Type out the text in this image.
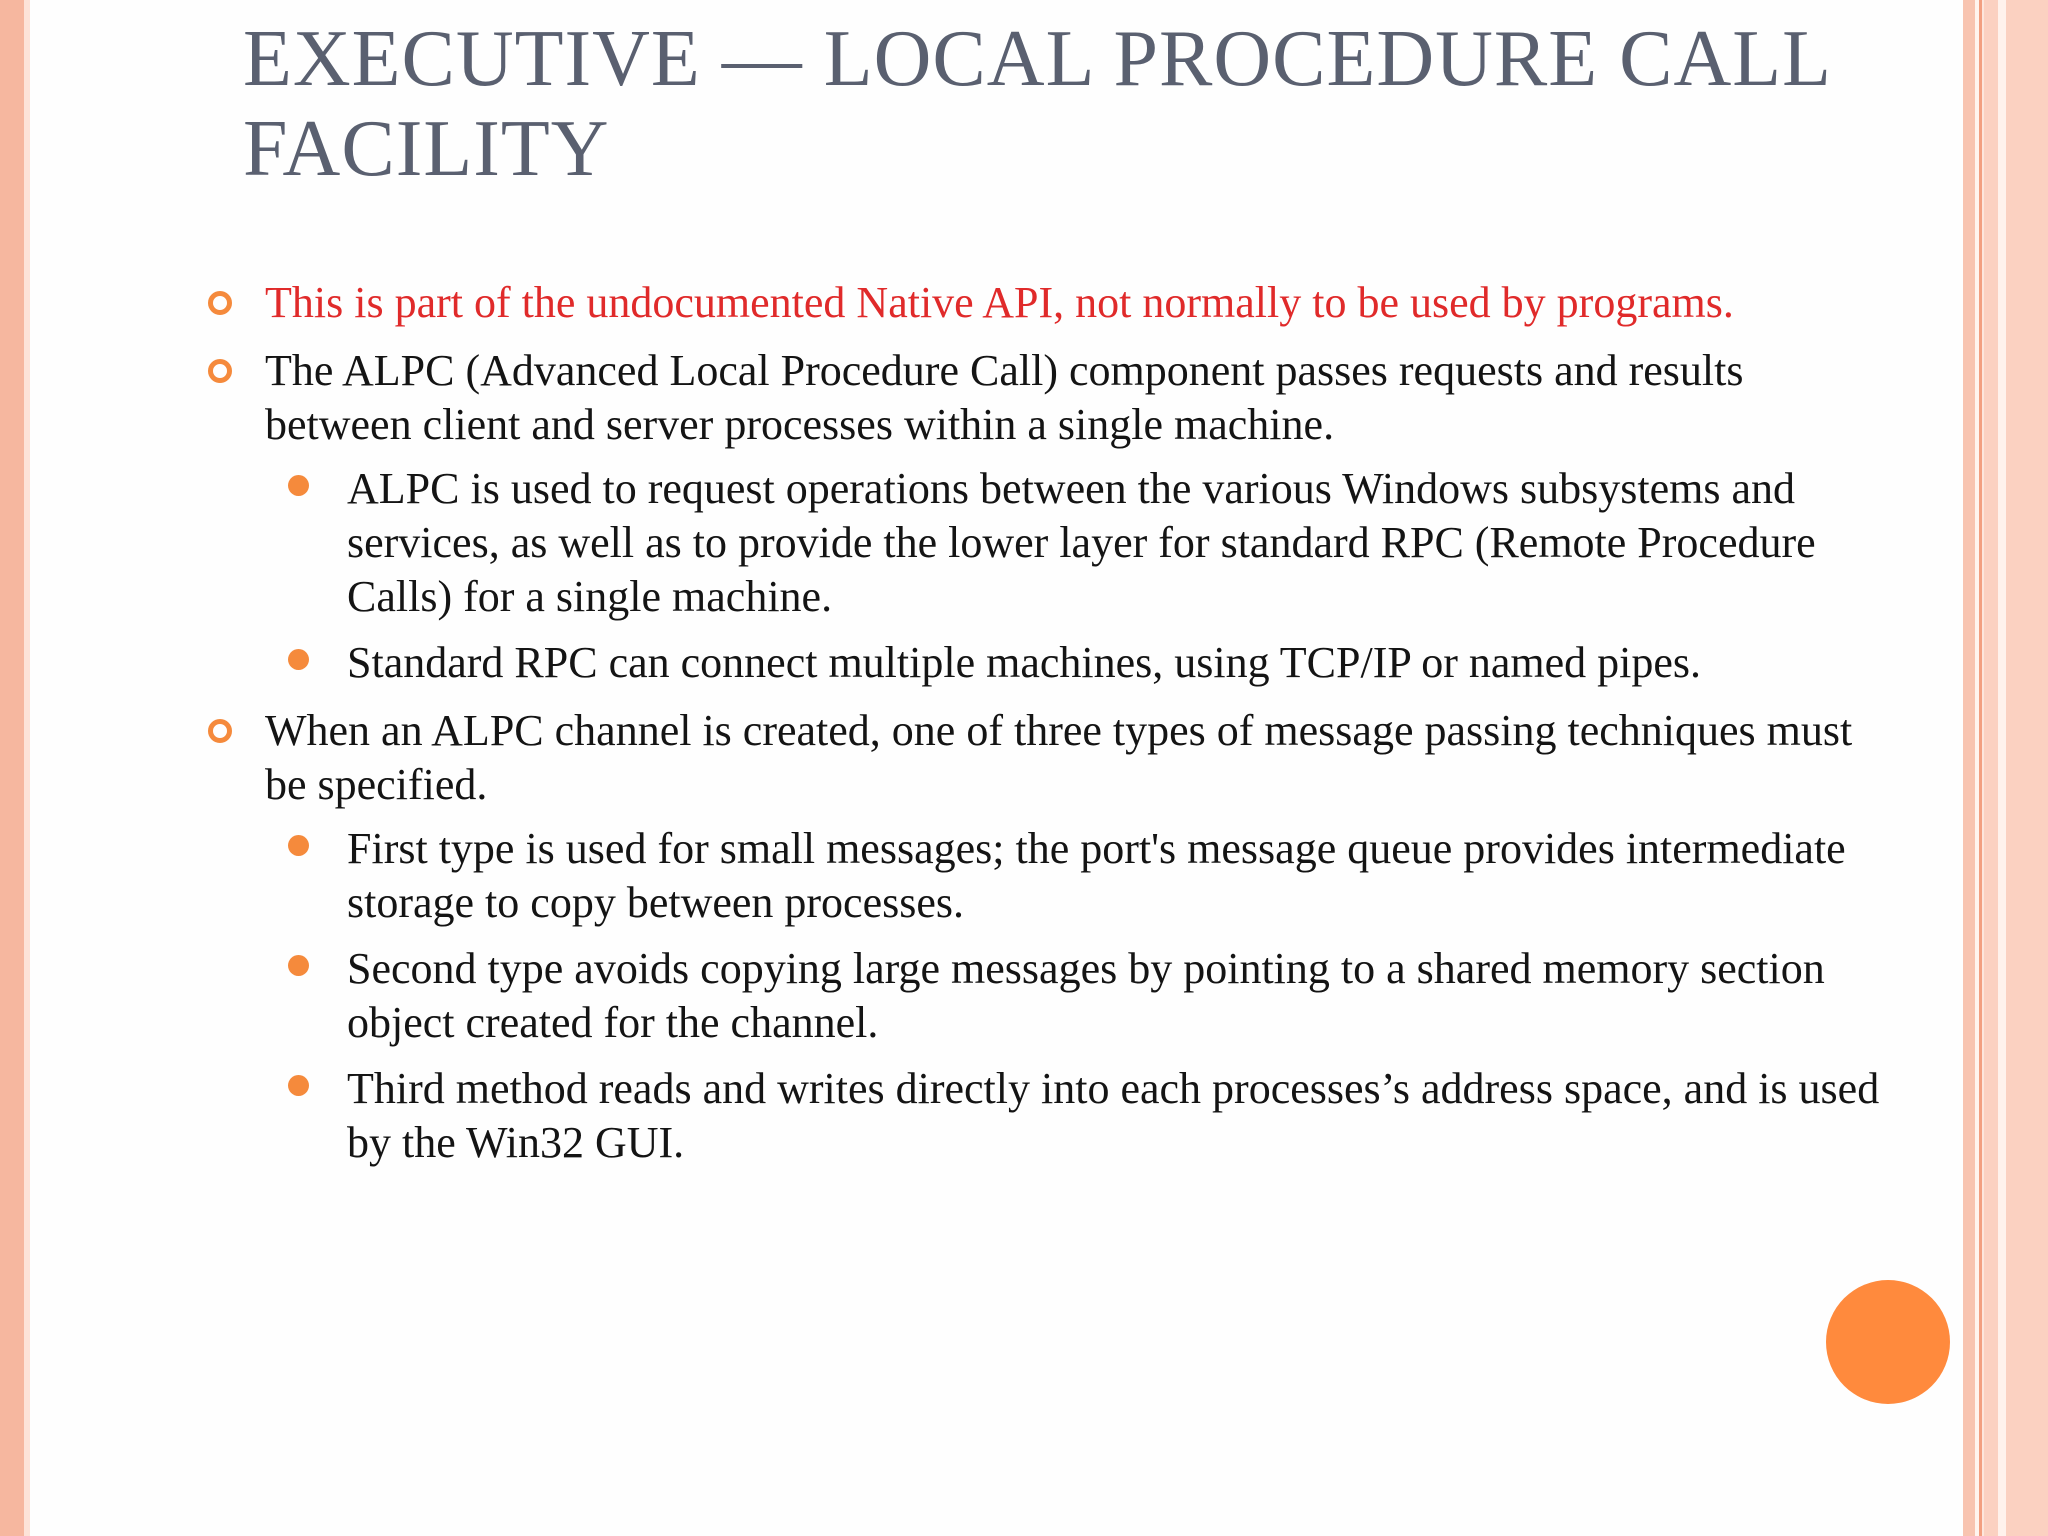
EXECUTIVE — LOCAL PROCEDURE CALL FACILITY
This is part of the undocumented Native API, not normally to be used by programs.
The ALPC (Advanced Local Procedure Call) component passes requests and results between client and server processes within a single machine.
ALPC is used to request operations between the various Windows subsystems and services, as well as to provide the lower layer for standard RPC (Remote Procedure Calls) for a single machine.
Standard RPC can connect multiple machines, using TCP/IP or named pipes.
When an ALPC channel is created, one of three types of message passing techniques must be specified.
First type is used for small messages; the port's message queue provides intermediate storage to copy between processes.
Second type avoids copying large messages by pointing to a shared memory section object created for the channel.
Third method reads and writes directly into each processes’s address space, and is used by the Win32 GUI.
